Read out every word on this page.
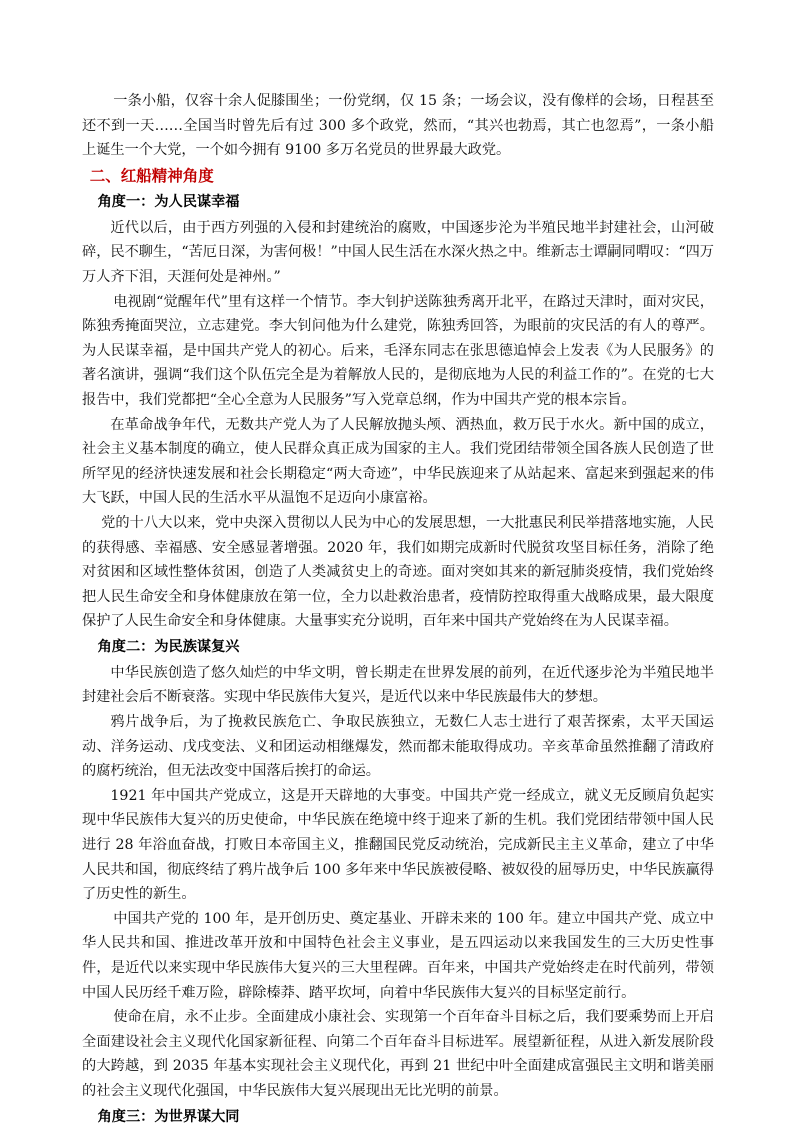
一条小船，仅容十余人促膝围坐；一份党纲，仅 15 条；一场会议，没有像样的会场，日程甚至还不到一天……全国当时曾先后有过 300 多个政党，然而，“其兴也勃焉，其亡也忽焉”，一条小船上诞生一个大党，一个如今拥有 9100 多万名党员的世界最大政党。

二、红船精神角度

角度一：为人民谋幸福

近代以后，由于西方列强的入侵和封建统治的腐败，中国逐步沦为半殖民地半封建社会，山河破碎，民不聊生，“苦厄日深，为害何极！”中国人民生活在水深火热之中。维新志士谭嗣同喟叹：“四万万人齐下泪，天涯何处是神州。”

电视剧“觉醒年代”里有这样一个情节。李大钊护送陈独秀离开北平，在路过天津时，面对灾民，陈独秀掩面哭泣，立志建党。李大钊问他为什么建党，陈独秀回答，为眼前的灾民活的有人的尊严。为人民谋幸福，是中国共产党人的初心。后来，毛泽东同志在张思德追悼会上发表《为人民服务》的著名演讲，强调“我们这个队伍完全是为着解放人民的，是彻底地为人民的利益工作的”。在党的七大报告中，我们党都把“全心全意为人民服务”写入党章总纲，作为中国共产党的根本宗旨。

在革命战争年代，无数共产党人为了人民解放抛头颅、洒热血，救万民于水火。新中国的成立，社会主义基本制度的确立，使人民群众真正成为国家的主人。我们党团结带领全国各族人民创造了世所罕见的经济快速发展和社会长期稳定“两大奇迹”，中华民族迎来了从站起来、富起来到强起来的伟大飞跃，中国人民的生活水平从温饱不足迈向小康富裕。

党的十八大以来，党中央深入贯彻以人民为中心的发展思想，一大批惠民利民举措落地实施，人民的获得感、幸福感、安全感显著增强。2020 年，我们如期完成新时代脱贫攻坚目标任务，消除了绝对贫困和区域性整体贫困，创造了人类减贫史上的奇迹。面对突如其来的新冠肺炎疫情，我们党始终把人民生命安全和身体健康放在第一位，全力以赴救治患者，疫情防控取得重大战略成果，最大限度保护了人民生命安全和身体健康。大量事实充分说明，百年来中国共产党始终在为人民谋幸福。

角度二：为民族谋复兴

中华民族创造了悠久灿烂的中华文明，曾长期走在世界发展的前列，在近代逐步沦为半殖民地半封建社会后不断衰落。实现中华民族伟大复兴，是近代以来中华民族最伟大的梦想。

鸦片战争后，为了挽救民族危亡、争取民族独立，无数仁人志士进行了艰苦探索，太平天国运动、洋务运动、戊戌变法、义和团运动相继爆发，然而都未能取得成功。辛亥革命虽然推翻了清政府的腐朽统治，但无法改变中国落后挨打的命运。

1921 年中国共产党成立，这是开天辟地的大事变。中国共产党一经成立，就义无反顾肩负起实现中华民族伟大复兴的历史使命，中华民族在绝境中终于迎来了新的生机。我们党团结带领中国人民进行 28 年浴血奋战，打败日本帝国主义，推翻国民党反动统治，完成新民主主义革命，建立了中华人民共和国，彻底终结了鸦片战争后 100 多年来中华民族被侵略、被奴役的屈辱历史，中华民族赢得了历史性的新生。

中国共产党的 100 年，是开创历史、奠定基业、开辟未来的 100 年。建立中国共产党、成立中华人民共和国、推进改革开放和中国特色社会主义事业，是五四运动以来我国发生的三大历史性事件，是近代以来实现中华民族伟大复兴的三大里程碑。百年来，中国共产党始终走在时代前列，带领中国人民历经千难万险，辟除榛莽、踏平坎坷，向着中华民族伟大复兴的目标坚定前行。

使命在肩，永不止步。全面建成小康社会、实现第一个百年奋斗目标之后，我们要乘势而上开启全面建设社会主义现代化国家新征程、向第二个百年奋斗目标进军。展望新征程，从进入新发展阶段的大跨越，到 2035 年基本实现社会主义现代化，再到 21 世纪中叶全面建成富强民主文明和谐美丽的社会主义现代化强国，中华民族伟大复兴展现出无比光明的前景。

角度三：为世界谋大同
